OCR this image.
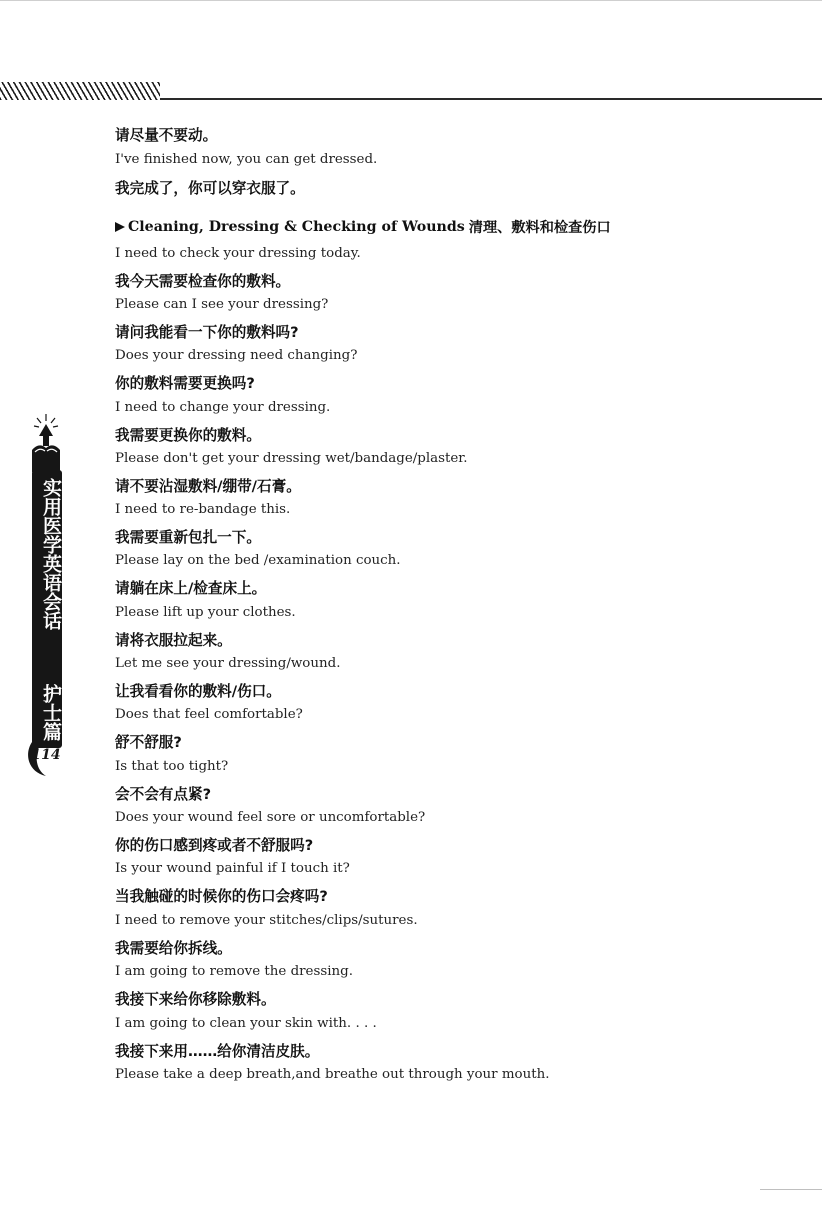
实用医学英语会话  护士篇
114
请尽量不要动。
I've finished now, you can get dressed.
我完成了，你可以穿衣服了。
Cleaning, Dressing & Checking of Wounds 清理、敷料和检查伤口
I need to check your dressing today.
我今天需要检查你的敷料。
Please can I see your dressing?
请问我能看一下你的敷料吗?
Does your dressing need changing?
你的敷料需要更换吗?
I need to change your dressing.
我需要更换你的敷料。
Please don't get your dressing wet/bandage/plaster.
请不要沾湿敷料/绷带/石膏。
I need to re-bandage this.
我需要重新包扎一下。
Please lay on the bed /examination couch.
请躺在床上/检查床上。
Please lift up your clothes.
请将衣服拉起来。
Let me see your dressing/wound.
让我看看你的敷料/伤口。
Does that feel comfortable?
舒不舒服?
Is that too tight?
会不会有点紧?
Does your wound feel sore or uncomfortable?
你的伤口感到疼或者不舒服吗?
Is your wound painful if I touch it?
当我触碰的时候你的伤口会疼吗?
I need to remove your stitches/clips/sutures.
我需要给你拆线。
I am going to remove the dressing.
我接下来给你移除敷料。
I am going to clean your skin with. . . .
我接下来用……给你清洁皮肤。
Please take a deep breath,and breathe out through your mouth.
